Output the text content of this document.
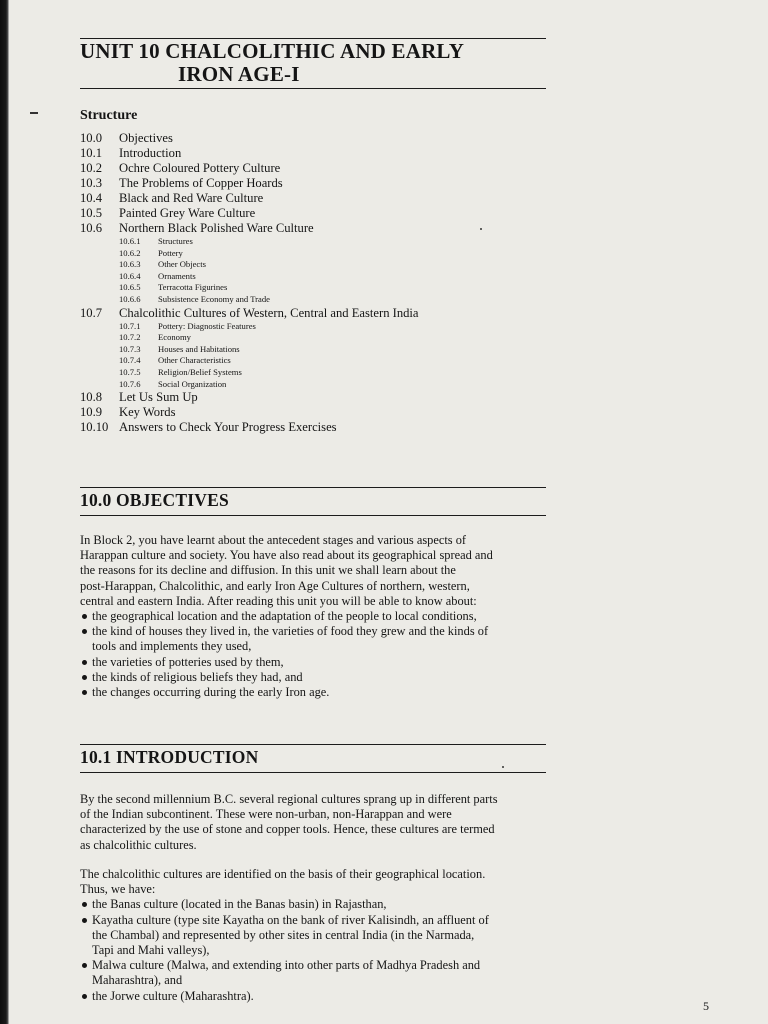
UNIT 10 CHALCOLITHIC AND EARLY
IRON AGE-I
Structure
10.0	Objectives
10.1	Introduction
10.2	Ochre Coloured Pottery Culture
10.3	The Problems of Copper Hoards
10.4	Black and Red Ware Culture
10.5	Painted Grey Ware Culture
10.6	Northern Black Polished Ware Culture
10.6.1	Structures
10.6.2	Pottery
10.6.3	Other Objects
10.6.4	Ornaments
10.6.5	Terracotta Figurines
10.6.6	Subsistence Economy and Trade
10.7	Chalcolithic Cultures of Western, Central and Eastern India
10.7.1	Pottery: Diagnostic Features
10.7.2	Economy
10.7.3	Houses and Habitations
10.7.4	Other Characteristics
10.7.5	Religion/Belief Systems
10.7.6	Social Organization
10.8	Let Us Sum Up
10.9	Key Words
10.10 Answers to Check Your Progress Exercises
10.0 OBJECTIVES
In Block 2, you have learnt about the antecedent stages and various aspects of
Harappan culture and society. You have also read about its geographical spread and
the reasons for its decline and diffusion. In this unit we shall learn about the
post-Harappan, Chalcolithic, and early Iron Age Cultures of northern, western,
central and eastern India. After reading this unit you will be able to know about:
the geographical location and the adaptation of the people to local conditions,
the kind of houses they lived in, the varieties of food they grew and the kinds of
tools and implements they used,
the varieties of potteries used by them,
the kinds of religious beliefs they had, and
the changes occurring during the early Iron age.
10.1 INTRODUCTION
By the second millennium B.C. several regional cultures sprang up in different parts
of the Indian subcontinent. These were non-urban, non-Harappan and were
characterized by the use of stone and copper tools. Hence, these cultures are termed
as chalcolithic cultures.
The chalcolithic cultures are identified on the basis of their geographical location.
Thus, we have:
the Banas culture (located in the Banas basin) in Rajasthan,
Kayatha culture (type site Kayatha on the bank of river Kalisindh, an affluent of
the Chambal) and represented by other sites in central India (in the Narmada,
Tapi and Mahi valleys),
Malwa culture (Malwa, and extending into other parts of Madhya Pradesh and
Maharashtra), and
the Jorwe culture (Maharashtra).
5
